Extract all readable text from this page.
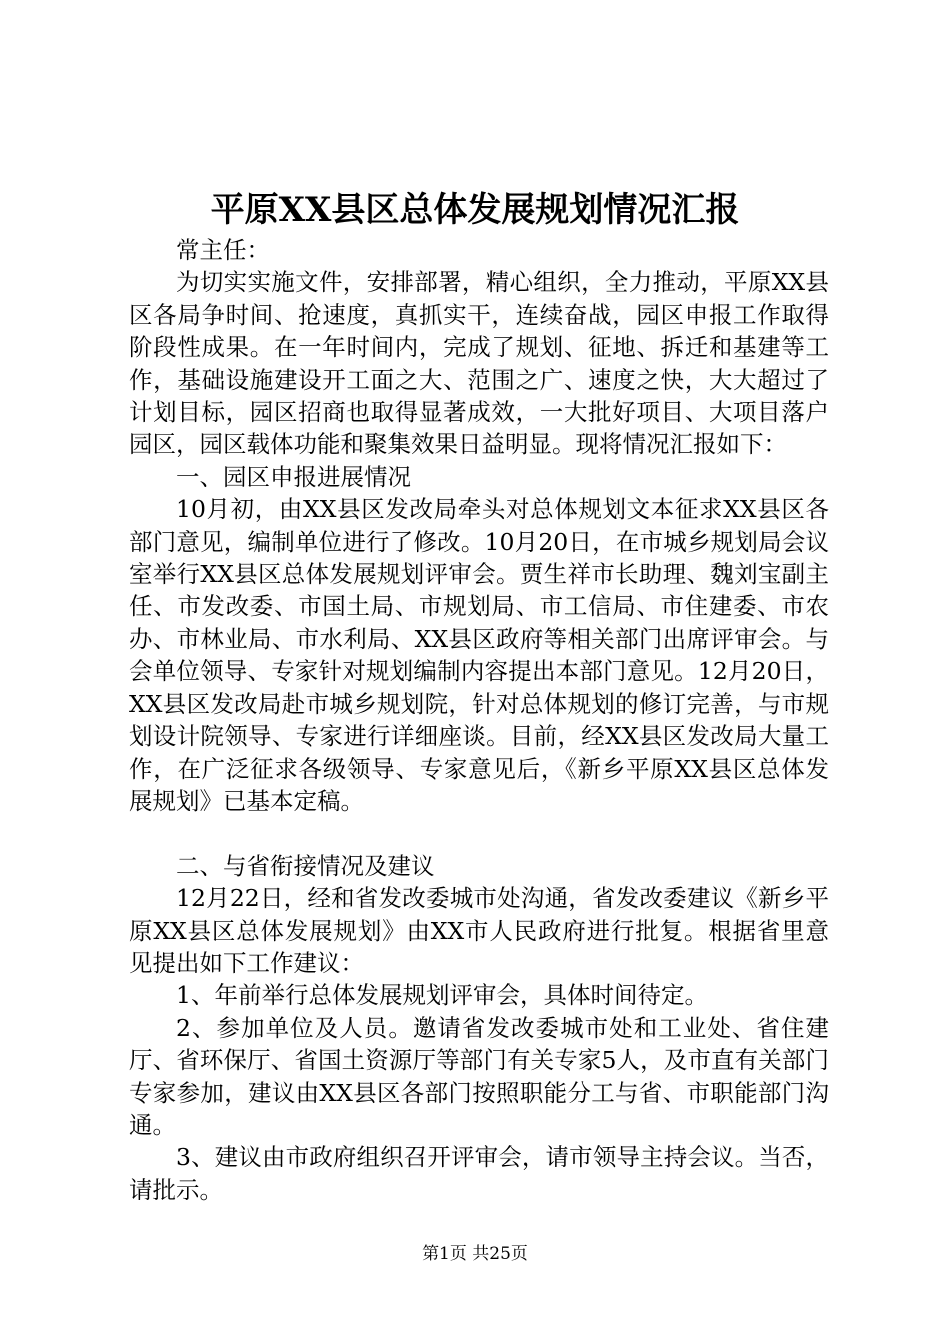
平原XX县区总体发展规划情况汇报

常主任：

为切实实施文件，安排部署，精心组织，全力推动，平原XX县区各局争时间、抢速度，真抓实干，连续奋战，园区申报工作取得阶段性成果。在一年时间内，完成了规划、征地、拆迁和基建等工作，基础设施建设开工面之大、范围之广、速度之快，大大超过了计划目标，园区招商也取得显著成效，一大批好项目、大项目落户园区，园区载体功能和聚集效果日益明显。现将情况汇报如下：

一、园区申报进展情况

10月初，由XX县区发改局牵头对总体规划文本征求XX县区各部门意见，编制单位进行了修改。10月20日，在市城乡规划局会议室举行XX县区总体发展规划评审会。贾生祥市长助理、魏刘宝副主任、市发改委、市国土局、市规划局、市工信局、市住建委、市农办、市林业局、市水利局、XX县区政府等相关部门出席评审会。与会单位领导、专家针对规划编制内容提出本部门意见。12月20日，XX县区发改局赴市城乡规划院，针对总体规划的修订完善，与市规划设计院领导、专家进行详细座谈。目前，经XX县区发改局大量工作，在广泛征求各级领导、专家意见后，《新乡平原XX县区总体发展规划》已基本定稿。

二、与省衔接情况及建议

12月22日，经和省发改委城市处沟通，省发改委建议《新乡平原XX县区总体发展规划》由XX市人民政府进行批复。根据省里意见提出如下工作建议：

1、年前举行总体发展规划评审会，具体时间待定。

2、参加单位及人员。邀请省发改委城市处和工业处、省住建厅、省环保厅、省国土资源厅等部门有关专家5人，及市直有关部门专家参加，建议由XX县区各部门按照职能分工与省、市职能部门沟通。

3、建议由市政府组织召开评审会，请市领导主持会议。当否，请批示。

第1页 共25页
